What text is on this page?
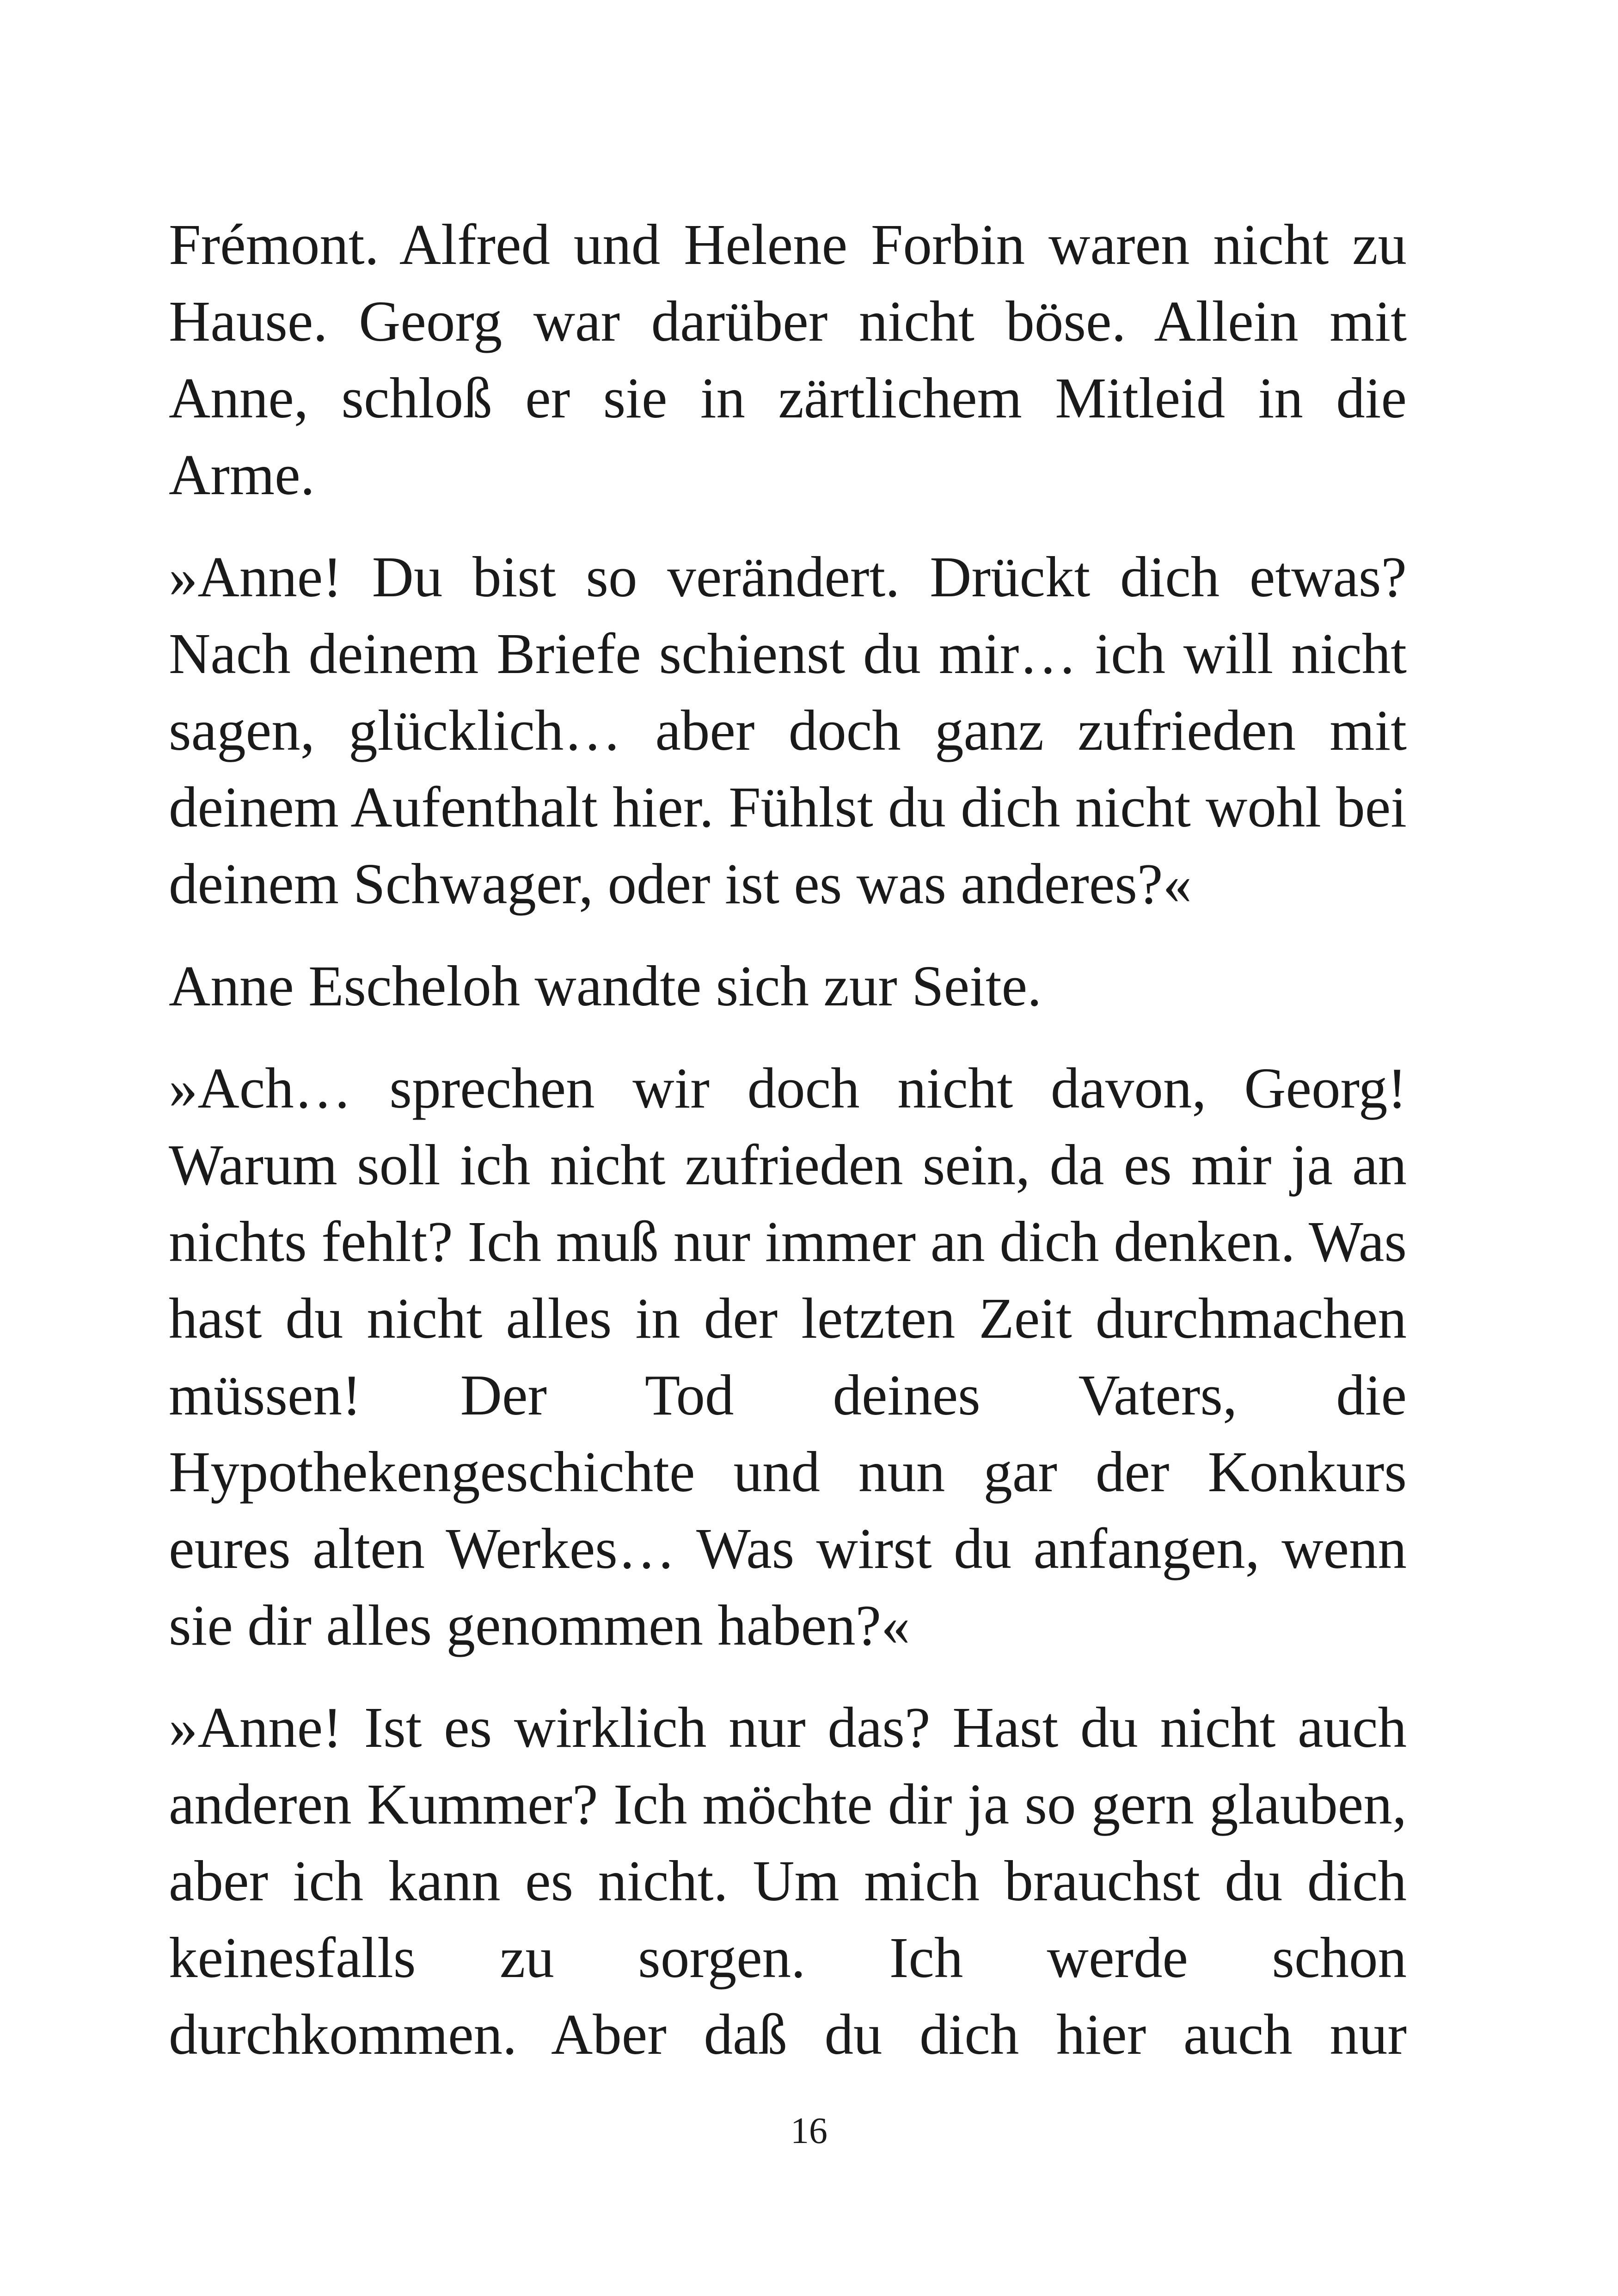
Frémont. Alfred und Helene Forbin waren nicht zu Hause. Georg war darüber nicht böse. Allein mit Anne, schloß er sie in zärtlichem Mitleid in die Arme.

»Anne! Du bist so verändert. Drückt dich etwas? Nach deinem Briefe schienst du mir… ich will nicht sagen, glücklich… aber doch ganz zufrieden mit deinem Aufenthalt hier. Fühlst du dich nicht wohl bei deinem Schwager, oder ist es was anderes?«

Anne Escheloh wandte sich zur Seite.

»Ach… sprechen wir doch nicht davon, Georg! Warum soll ich nicht zufrieden sein, da es mir ja an nichts fehlt? Ich muß nur immer an dich denken. Was hast du nicht alles in der letzten Zeit durchmachen müssen! Der Tod deines Vaters, die Hypothekengeschichte und nun gar der Konkurs eures alten Werkes… Was wirst du anfangen, wenn sie dir alles genommen haben?«

»Anne! Ist es wirklich nur das? Hast du nicht auch anderen Kummer? Ich möchte dir ja so gern glauben, aber ich kann es nicht. Um mich brauchst du dich keinesfalls zu sorgen. Ich werde schon durchkommen. Aber daß du dich hier auch nur

16
